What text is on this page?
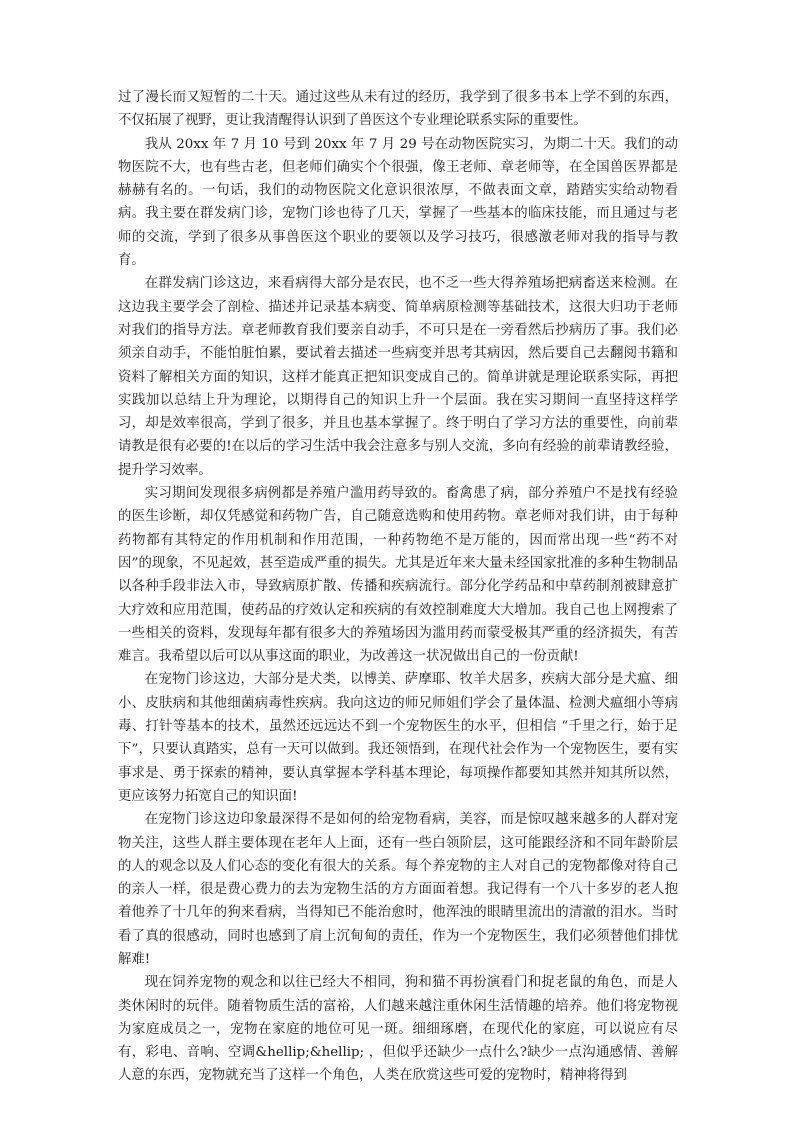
过了漫长而又短暂的二十天。通过这些从未有过的经历，我学到了很多书本上学不到的东西，不仅拓展了视野，更让我清醒得认识到了兽医这个专业理论联系实际的重要性。

我从 20xx 年 7 月 10 号到 20xx 年 7 月 29 号在动物医院实习，为期二十天。我们的动物医院不大，也有些古老，但老师们确实个个很强，像王老师、章老师等，在全国兽医界都是赫赫有名的。一句话，我们的动物医院文化意识很浓厚，不做表面文章，踏踏实实给动物看病。我主要在群发病门诊，宠物门诊也待了几天，掌握了一些基本的临床技能，而且通过与老师的交流，学到了很多从事兽医这个职业的要领以及学习技巧，很感激老师对我的指导与教育。

在群发病门诊这边，来看病得大部分是农民，也不乏一些大得养殖场把病畜送来检测。在这边我主要学会了剖检、描述并记录基本病变、简单病原检测等基础技术，这很大归功于老师对我们的指导方法。章老师教育我们要亲自动手，不可只是在一旁看然后抄病历了事。我们必须亲自动手，不能怕脏怕累，要试着去描述一些病变并思考其病因，然后要自己去翻阅书籍和资料了解相关方面的知识，这样才能真正把知识变成自己的。简单讲就是理论联系实际，再把实践加以总结上升为理论，以期得自己的知识上升一个层面。我在实习期间一直坚持这样学习，却是效率很高，学到了很多，并且也基本掌握了。终于明白了学习方法的重要性，向前辈请教是很有必要的!在以后的学习生活中我会注意多与别人交流，多向有经验的前辈请教经验，提升学习效率。

实习期间发现很多病例都是养殖户滥用药导致的。畜禽患了病，部分养殖户不是找有经验的医生诊断，却仅凭感觉和药物广告，自己随意选购和使用药物。章老师对我们讲，由于每种药物都有其特定的作用机制和作用范围，一种药物绝不是万能的，因而常出现一些“药不对因”的现象，不见起效，甚至造成严重的损失。尤其是近年来大量未经国家批准的多种生物制品以各种手段非法入市，导致病原扩散、传播和疾病流行。部分化学药品和中草药制剂被肆意扩大疗效和应用范围，使药品的疗效认定和疾病的有效控制难度大大增加。我自己也上网搜索了一些相关的资料，发现每年都有很多大的养殖场因为滥用药而蒙受极其严重的经济损失，有苦难言。我希望以后可以从事这面的职业，为改善这一状况做出自己的一份贡献!

在宠物门诊这边，大部分是犬类，以博美、萨摩耶、牧羊犬居多，疾病大部分是犬瘟、细小、皮肤病和其他细菌病毒性疾病。我向这边的师兄师姐们学会了量体温、检测犬瘟细小等病毒、打针等基本的技术，虽然还远远达不到一个宠物医生的水平，但相信 “千里之行，始于足下”，只要认真踏实，总有一天可以做到。我还领悟到，在现代社会作为一个宠物医生，要有实事求是、勇于探索的精神，要认真掌握本学科基本理论，每项操作都要知其然并知其所以然，更应该努力拓宽自己的知识面!

在宠物门诊这边印象最深得不是如何的给宠物看病，美容，而是惊叹越来越多的人群对宠物关注，这些人群主要体现在老年人上面，还有一些白领阶层，这可能跟经济和不同年龄阶层的人的观念以及人们心态的变化有很大的关系。每个养宠物的主人对自己的宠物都像对待自己的亲人一样，很是费心费力的去为宠物生活的方方面面着想。我记得有一个八十多岁的老人抱着他养了十几年的狗来看病，当得知已不能治愈时，他浑浊的眼睛里流出的清澈的泪水。当时看了真的很感动，同时也感到了肩上沉甸甸的责任，作为一个宠物医生，我们必须替他们排忧解难!

现在饲养宠物的观念和以往已经大不相同，狗和猫不再扮演看门和捉老鼠的角色，而是人类休闲时的玩伴。随着物质生活的富裕，人们越来越注重休闲生活情趣的培养。他们将宠物视为家庭成员之一，宠物在家庭的地位可见一斑。细细琢磨，在现代化的家庭，可以说应有尽有，彩电、音响、空调&hellip;&hellip; ，但似乎还缺少一点什么?缺少一点沟通感情、善解人意的东西，宠物就充当了这样一个角色，人类在欣赏这些可爱的宠物时，精神将得到
